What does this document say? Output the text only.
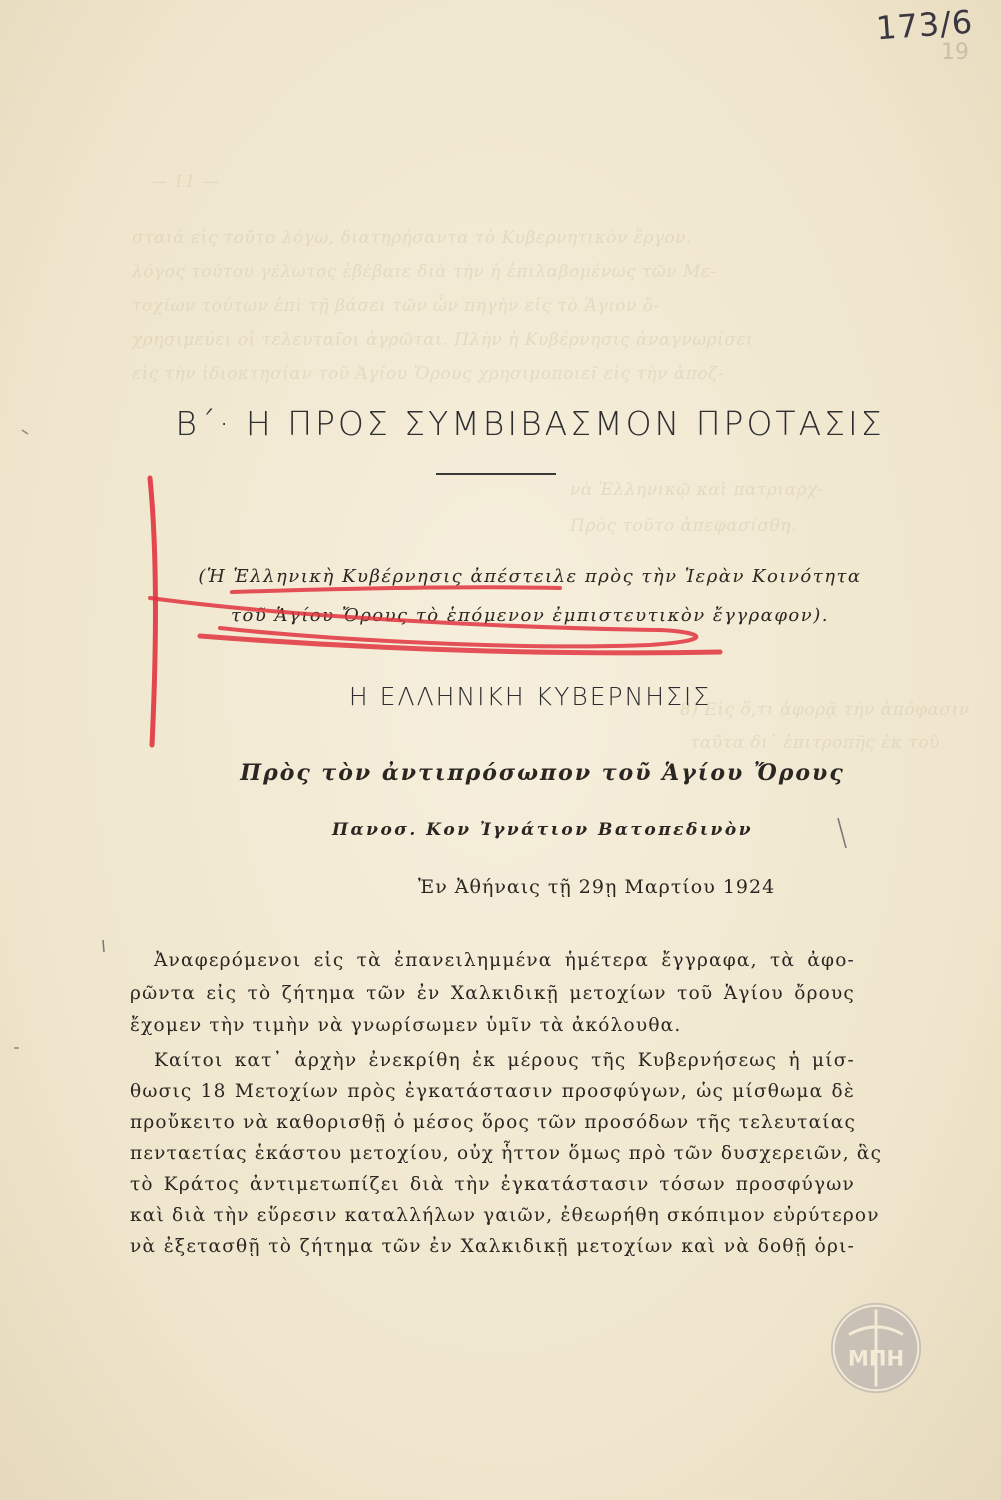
— 11 —
σταιά εἰς τοῦτο λόγω, διατηρήσαντα τὸ Κυβερνητικὸν ἔργον.
λόγος τούτου γέλωτος ἐβέβαιε διὰ τὴν ἡ ἐπιλαβομένως τῶν Με-
τοχίων τούτων ἐπὶ τῇ βάσει τῶν ὧν πηγὴν εἰς τὸ Ἅγιον ὄ-
χρησιμεύει οἱ τελευταῖοι ἀγρῶται. Πλὴν ἡ Κυβέρνησις ἀναγνωρίσει
εἰς τὴν ἰδιοκτησίαν τοῦ Ἁγίου Ὄρους χρησιμοποιεῖ εἰς τὴν ἀποζ-
νὰ Ἑλληνικῷ καὶ πατριαρχ-
Πρὸς τοῦτο ἀπεφασίσθη.
8) Εἰς ὅ,τι ἀφορᾷ τὴν ἀπόφασιν
ταῦτα δι᾽ ἐπιτροπῆς ἐκ τοῦ
173/6
19
Β΄· Η ΠΡΟΣ ΣΥΜΒΙΒΑΣΜΟΝ ΠΡΟΤΑΣΙΣ
(Ἡ Ἑλληνικὴ Κυβέρνησις ἀπέστειλε πρὸς τὴν Ἱερὰν Κοινότητα
τοῦ Ἁγίου Ὄρους τὸ ἑπόμενον ἐμπιστευτικὸν ἔγγραφον).
Η ΕΛΛΗΝΙΚΗ ΚΥΒΕΡΝΗΣΙΣ
Πρὸς τὸν ἀντιπρόσωπον τοῦ Ἁγίου Ὄρους
Πανοσ. Κον Ἰγνάτιον Βατοπεδινὸν
Ἐν Ἀθήναις τῇ 29ῃ Μαρτίου 1924
Ἀναφερόμενοι εἰς τὰ ἐπανειλημμένα ἡμέτερα ἔγγραφα, τὰ ἀφο-
ρῶντα εἰς τὸ ζήτημα τῶν ἐν Χαλκιδικῇ μετοχίων τοῦ Ἁγίου ὄρους
ἔχομεν τὴν τιμὴν νὰ γνωρίσωμεν ὑμῖν τὰ ἀκόλουθα.
Καίτοι κατ᾽ ἀρχὴν ἐνεκρίθη ἐκ μέρους τῆς Κυβερνήσεως ἡ μίσ-
θωσις 18 Μετοχίων πρὸς ἐγκατάστασιν προσφύγων, ὡς μίσθωμα δὲ
προὔκειτο νὰ καθορισθῇ ὁ μέσος ὅρος τῶν προσόδων τῆς τελευταίας
πενταετίας ἑκάστου μετοχίου, οὐχ ἧττον ὅμως πρὸ τῶν δυσχερειῶν, ἃς
τὸ Κράτος ἀντιμετωπίζει διὰ τὴν ἐγκατάστασιν τόσων προσφύγων
καὶ διὰ τὴν εὕρεσιν καταλλήλων γαιῶν, ἐθεωρήθη σκόπιμον εὐρύτερον
νὰ ἐξετασθῇ τὸ ζήτημα τῶν ἐν Χαλκιδικῇ μετοχίων καὶ νὰ δοθῇ ὁρι-
ΜΠΗ
